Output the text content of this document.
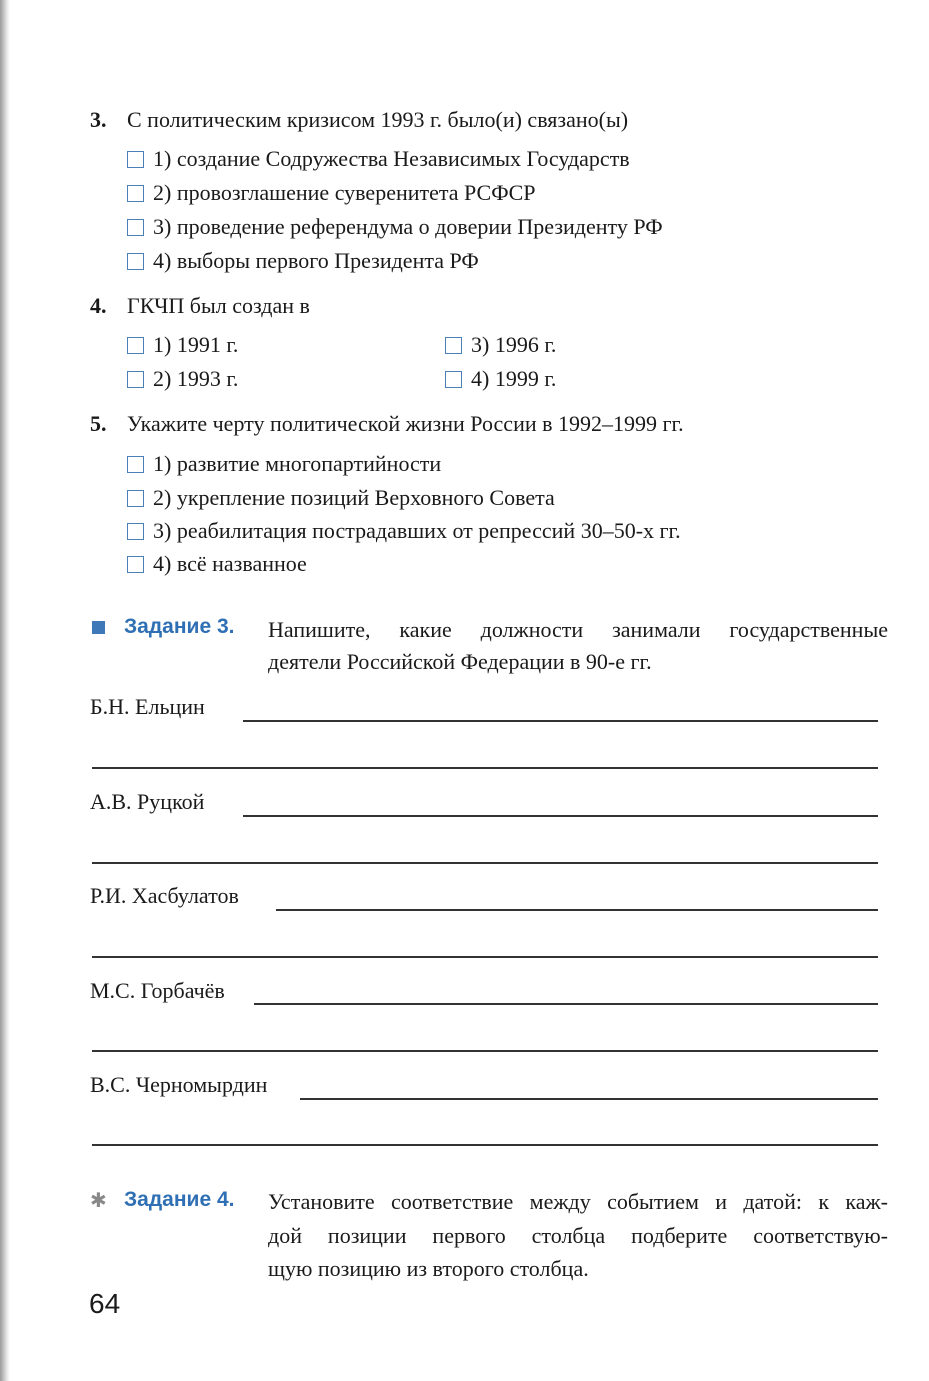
3. С политическим кризисом 1993 г. было(и) связано(ы)
1) создание Содружества Независимых Государств
2) провозглашение суверенитета РСФСР
3) проведение референдума о доверии Президенту РФ
4) выборы первого Президента РФ
4. ГКЧП был создан в
1) 1991 г.
2) 1993 г.
3) 1996 г.
4) 1999 г.
5. Укажите черту политической жизни России в 1992–1999 гг.
1) развитие многопартийности
2) укрепление позиций Верховного Совета
3) реабилитация пострадавших от репрессий 30–50-х гг.
4) всё названное
Задание 3. Напишите, какие должности занимали государственные
деятели Российской Федерации в 90-е гг.
Б.Н. Ельцин
А.В. Руцкой
Р.И. Хасбулатов
М.С. Горбачёв
В.С. Черномырдин
✱ Задание 4. Установите соответствие между событием и датой: к каж-
дой позиции первого столбца подберите соответствую-
щую позицию из второго столбца.
64
